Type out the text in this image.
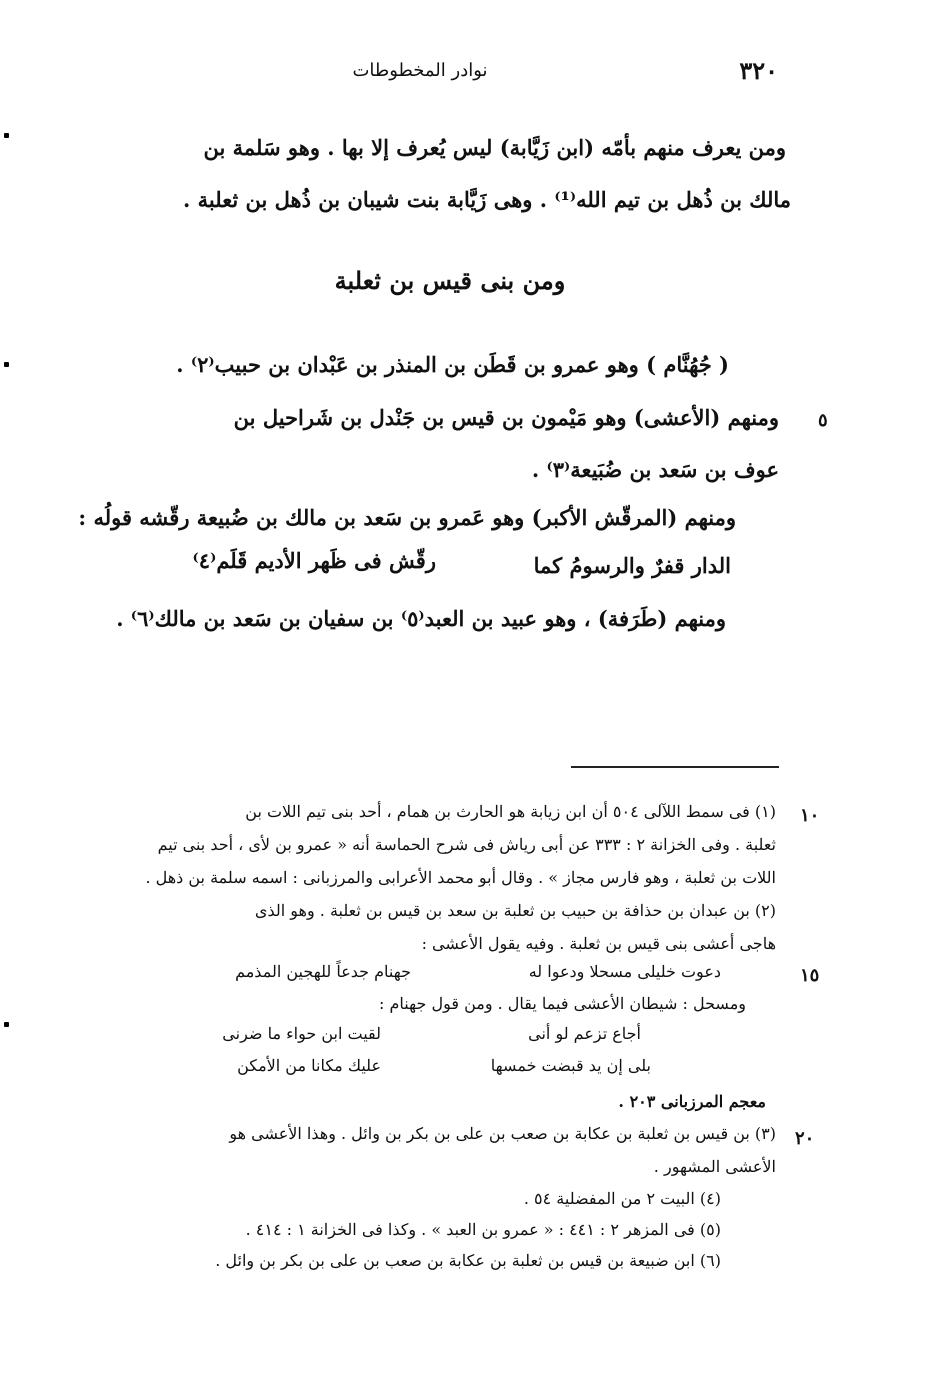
نوادر المخطوطات	٣٢٠
ومن يعرف منهم بأمّه (ابن زَيَّابة) ليس يُعرف إلا بها . وهو سَلمة بن
مالك بن ذُهل بن تيم الله⁽¹⁾ . وهى زَيَّابة بنت شيبان بن ذُهل بن ثعلبة .
ومن بنى قيس بن ثعلبة
( جُهُنَّام ) وهو عمرو بن قَطَن بن المنذر بن عَبْدان بن حبيب⁽٢⁾ .
٥
ومنهم (الأعشى) وهو مَيْمون بن قيس بن جَنْدل بن شَراحيل بن
عوف بن سَعد بن ضُبَيعة⁽٣⁾ .
ومنهم (المرقّش الأكبر) وهو عَمرو بن سَعد بن مالك بن ضُبيعة رقّشه قولُه :
الدار قفرٌ والرسومُ كما
رقّش فى ظَهر الأديم قَلَم⁽٤⁾
ومنهم (طَرَفة) ، وهو عبيد بن العبد⁽٥⁾ بن سفيان بن سَعد بن مالك⁽٦⁾ .
١٠
(١) فى سمط اللآلى ٥٠٤ أن ابن زيابة هو الحارث بن همام ، أحد بنى تيم اللات بن
ثعلبة . وفى الخزانة ٢ : ٣٣٣ عن أبى رياش فى شرح الحماسة أنه « عمرو بن لأى ، أحد بنى تيم
اللات بن ثعلبة ، وهو فارس مجاز » . وقال أبو محمد الأعرابى والمرزبانى : اسمه سلمة بن ذهل .
(٢) بن عبدان بن حذافة بن حبيب بن ثعلبة بن سعد بن قيس بن ثعلبة . وهو الذى
هاجى أعشى بنى قيس بن ثعلبة . وفيه يقول الأعشى :
١٥
دعوت خليلى مسحلا ودعوا له
جهنام جدعاً للهجين المذمم
ومسحل : شيطان الأعشى فيما يقال . ومن قول جهنام :
أجاع تزعم لو أنى
لقيت ابن حواء ما ضرنى
بلى إن يد قبضت خمسها
عليك مكانا من الأمكن
معجم المرزبانى ٢٠٣ .
٢٠
(٣) بن قيس بن ثعلبة بن عكابة بن صعب بن على بن بكر بن وائل . وهذا الأعشى هو
الأعشى المشهور .
(٤) البيت ٢ من المفضلية ٥٤ .
(٥) فى المزهر ٢ : ٤٤١ : « عمرو بن العبد » . وكذا فى الخزانة ١ : ٤١٤ .
(٦) ابن ضبيعة بن قيس بن ثعلبة بن عكابة بن صعب بن على بن بكر بن وائل .
